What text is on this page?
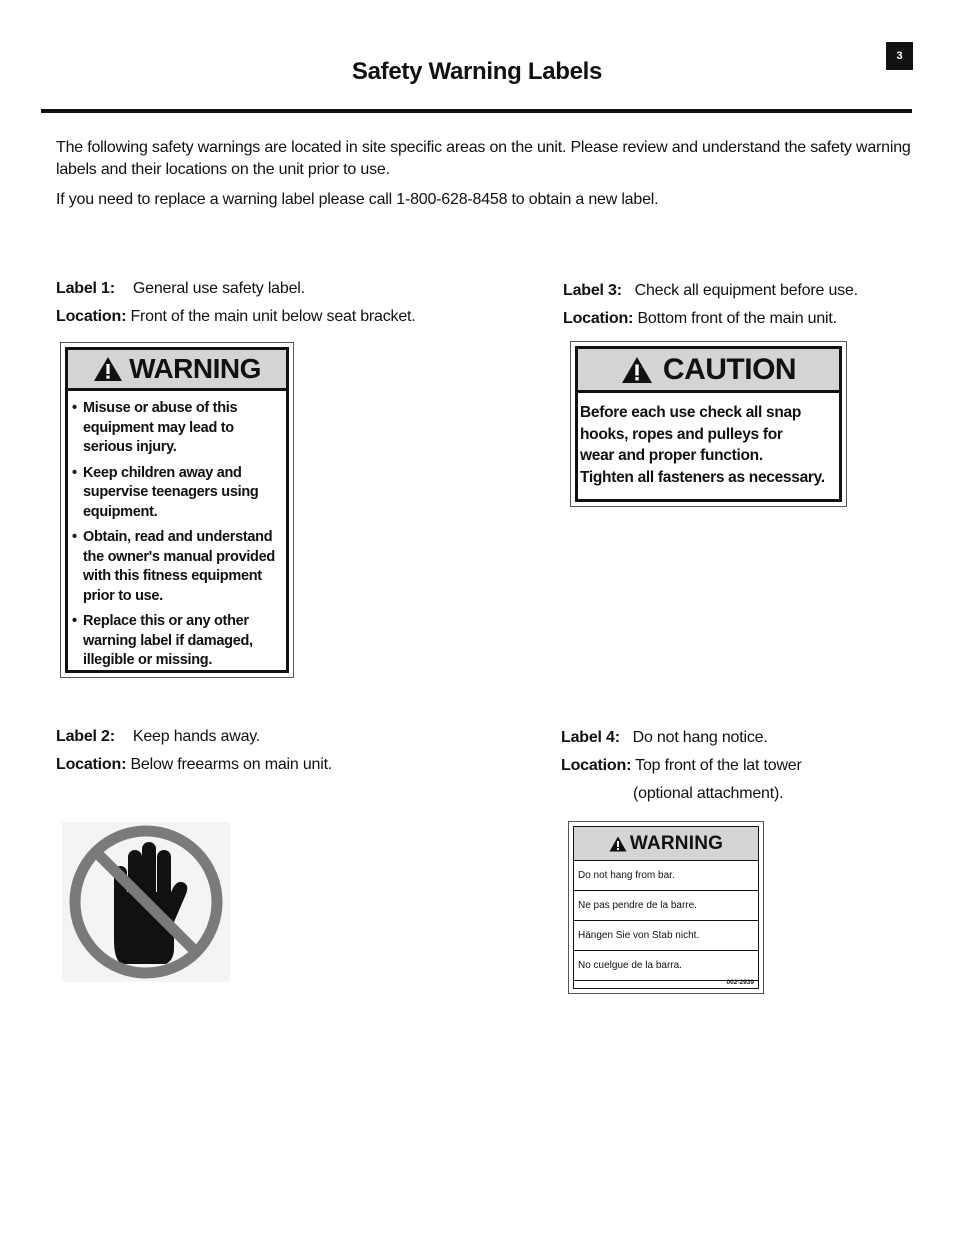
3
Safety Warning Labels

The following safety warnings are located in site specific areas on the unit. Please review and understand the safety warning labels and their locations on the unit prior to use.

If you need to replace a warning label please call 1-800-628-8458 to obtain a new label.

Label 1: General use safety label.
Location: Front of the main unit below seat bracket.
WARNING
• Misuse or abuse of this equipment may lead to serious injury.
• Keep children away and supervise teenagers using equipment.
• Obtain, read and understand the owner's manual provided with this fitness equipment prior to use.
• Replace this or any other warning label if damaged, illegible or missing.
Label 3: Check all equipment before use.
Location: Bottom front of the main unit.
CAUTION
Before each use check all snap
hooks, ropes and pulleys for
wear and proper function.
Tighten all fasteners as necessary.
Label 2: Keep hands away.
Location: Below freearms on main unit.
Label 4: Do not hang notice.
Location: Top front of the lat tower
(optional attachment).
WARNING
Do not hang from bar.
Ne pas pendre de la barre.
Hängen Sie von Stab nicht.
No cuelgue de la barra.
002-2939
